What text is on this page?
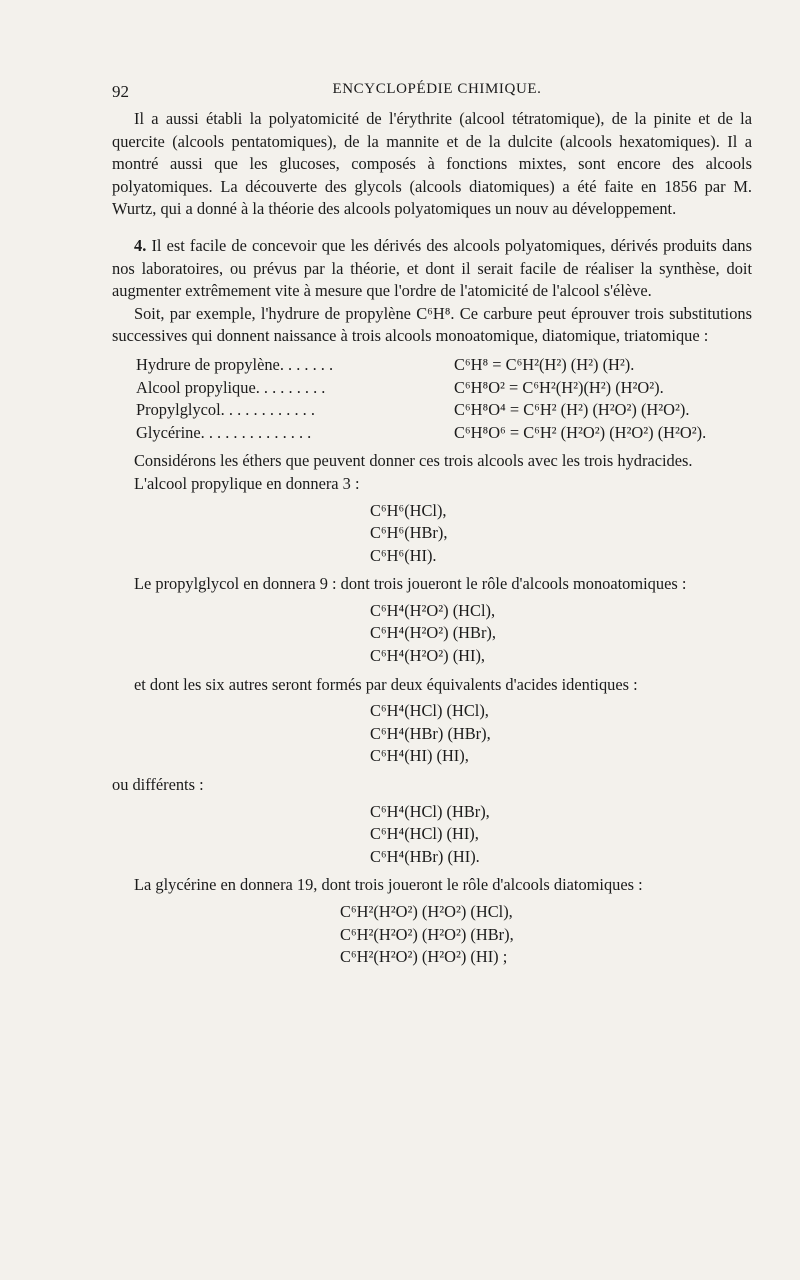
92	ENCYCLOPÉDIE CHIMIQUE.

Il a aussi établi la polyatomicité de l'érythrite (alcool tétratomique), de la pinite et de la quercite (alcools pentatomiques), de la mannite et de la dulcite (alcools hexatomiques). Il a montré aussi que les glucoses, composés à fonctions mixtes, sont encore des alcools polyatomiques. La découverte des glycols (alcools diatomiques) a été faite en 1856 par M. Wurtz, qui a donné à la théorie des alcools polyatomiques un nouv au développement.

4. Il est facile de concevoir que les dérivés des alcools polyatomiques, dérivés produits dans nos laboratoires, ou prévus par la théorie, et dont il serait facile de réaliser la synthèse, doit augmenter extrêmement vite à mesure que l'ordre de l'atomicité de l'alcool s'élève.

Soit, par exemple, l'hydrure de propylène C⁶H⁸. Ce carbure peut éprouver trois substitutions successives qui donnent naissance à trois alcools monoatomique, diatomique, triatomique :

Hydrure de propylène. . . . . . .	C⁶H⁸ = C⁶H²(H²) (H²) (H²).
Alcool propylique. . . . . . . . .	C⁶H⁸O² = C⁶H²(H²)(H²) (H²O²).
Propylglycol. . . . . . . . . . . .	C⁶H⁸O⁴ = C⁶H² (H²) (H²O²) (H²O²).
Glycérine. . . . . . . . . . . . . .	C⁶H⁸O⁶ = C⁶H² (H²O²) (H²O²) (H²O²).

Considérons les éthers que peuvent donner ces trois alcools avec les trois hydracides.

L'alcool propylique en donnera 3 :

C⁶H⁶(HCl),
C⁶H⁶(HBr),
C⁶H⁶(HI).

Le propylglycol en donnera 9 : dont trois joueront le rôle d'alcools monoatomiques :

C⁶H⁴(H²O²) (HCl),
C⁶H⁴(H²O²) (HBr),
C⁶H⁴(H²O²) (HI),

et dont les six autres seront formés par deux équivalents d'acides identiques :

C⁶H⁴(HCl) (HCl),
C⁶H⁴(HBr) (HBr),
C⁶H⁴(HI) (HI),

ou différents :

C⁶H⁴(HCl) (HBr),
C⁶H⁴(HCl) (HI),
C⁶H⁴(HBr) (HI).

La glycérine en donnera 19, dont trois joueront le rôle d'alcools diatomiques :

C⁶H²(H²O²) (H²O²) (HCl),
C⁶H²(H²O²) (H²O²) (HBr),
C⁶H²(H²O²) (H²O²) (HI) ;
